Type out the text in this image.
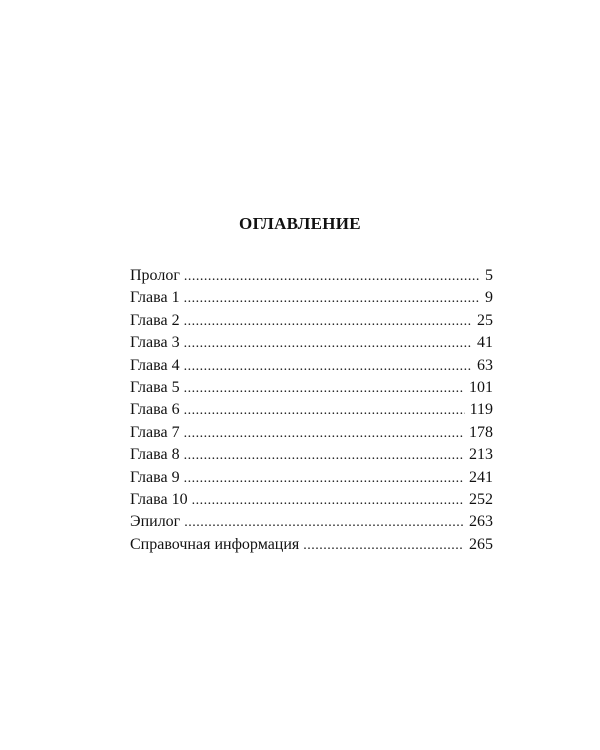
ОГЛАВЛЕНИЕ
Пролог .....	5
Глава 1 .....	9
Глава 2 .....	25
Глава 3 .....	41
Глава 4 .....	63
Глава 5 .....	101
Глава 6 .....	119
Глава 7 .....	178
Глава 8 .....	213
Глава 9 .....	241
Глава 10 .....	252
Эпилог .....	263
Справочная информация .....	265
